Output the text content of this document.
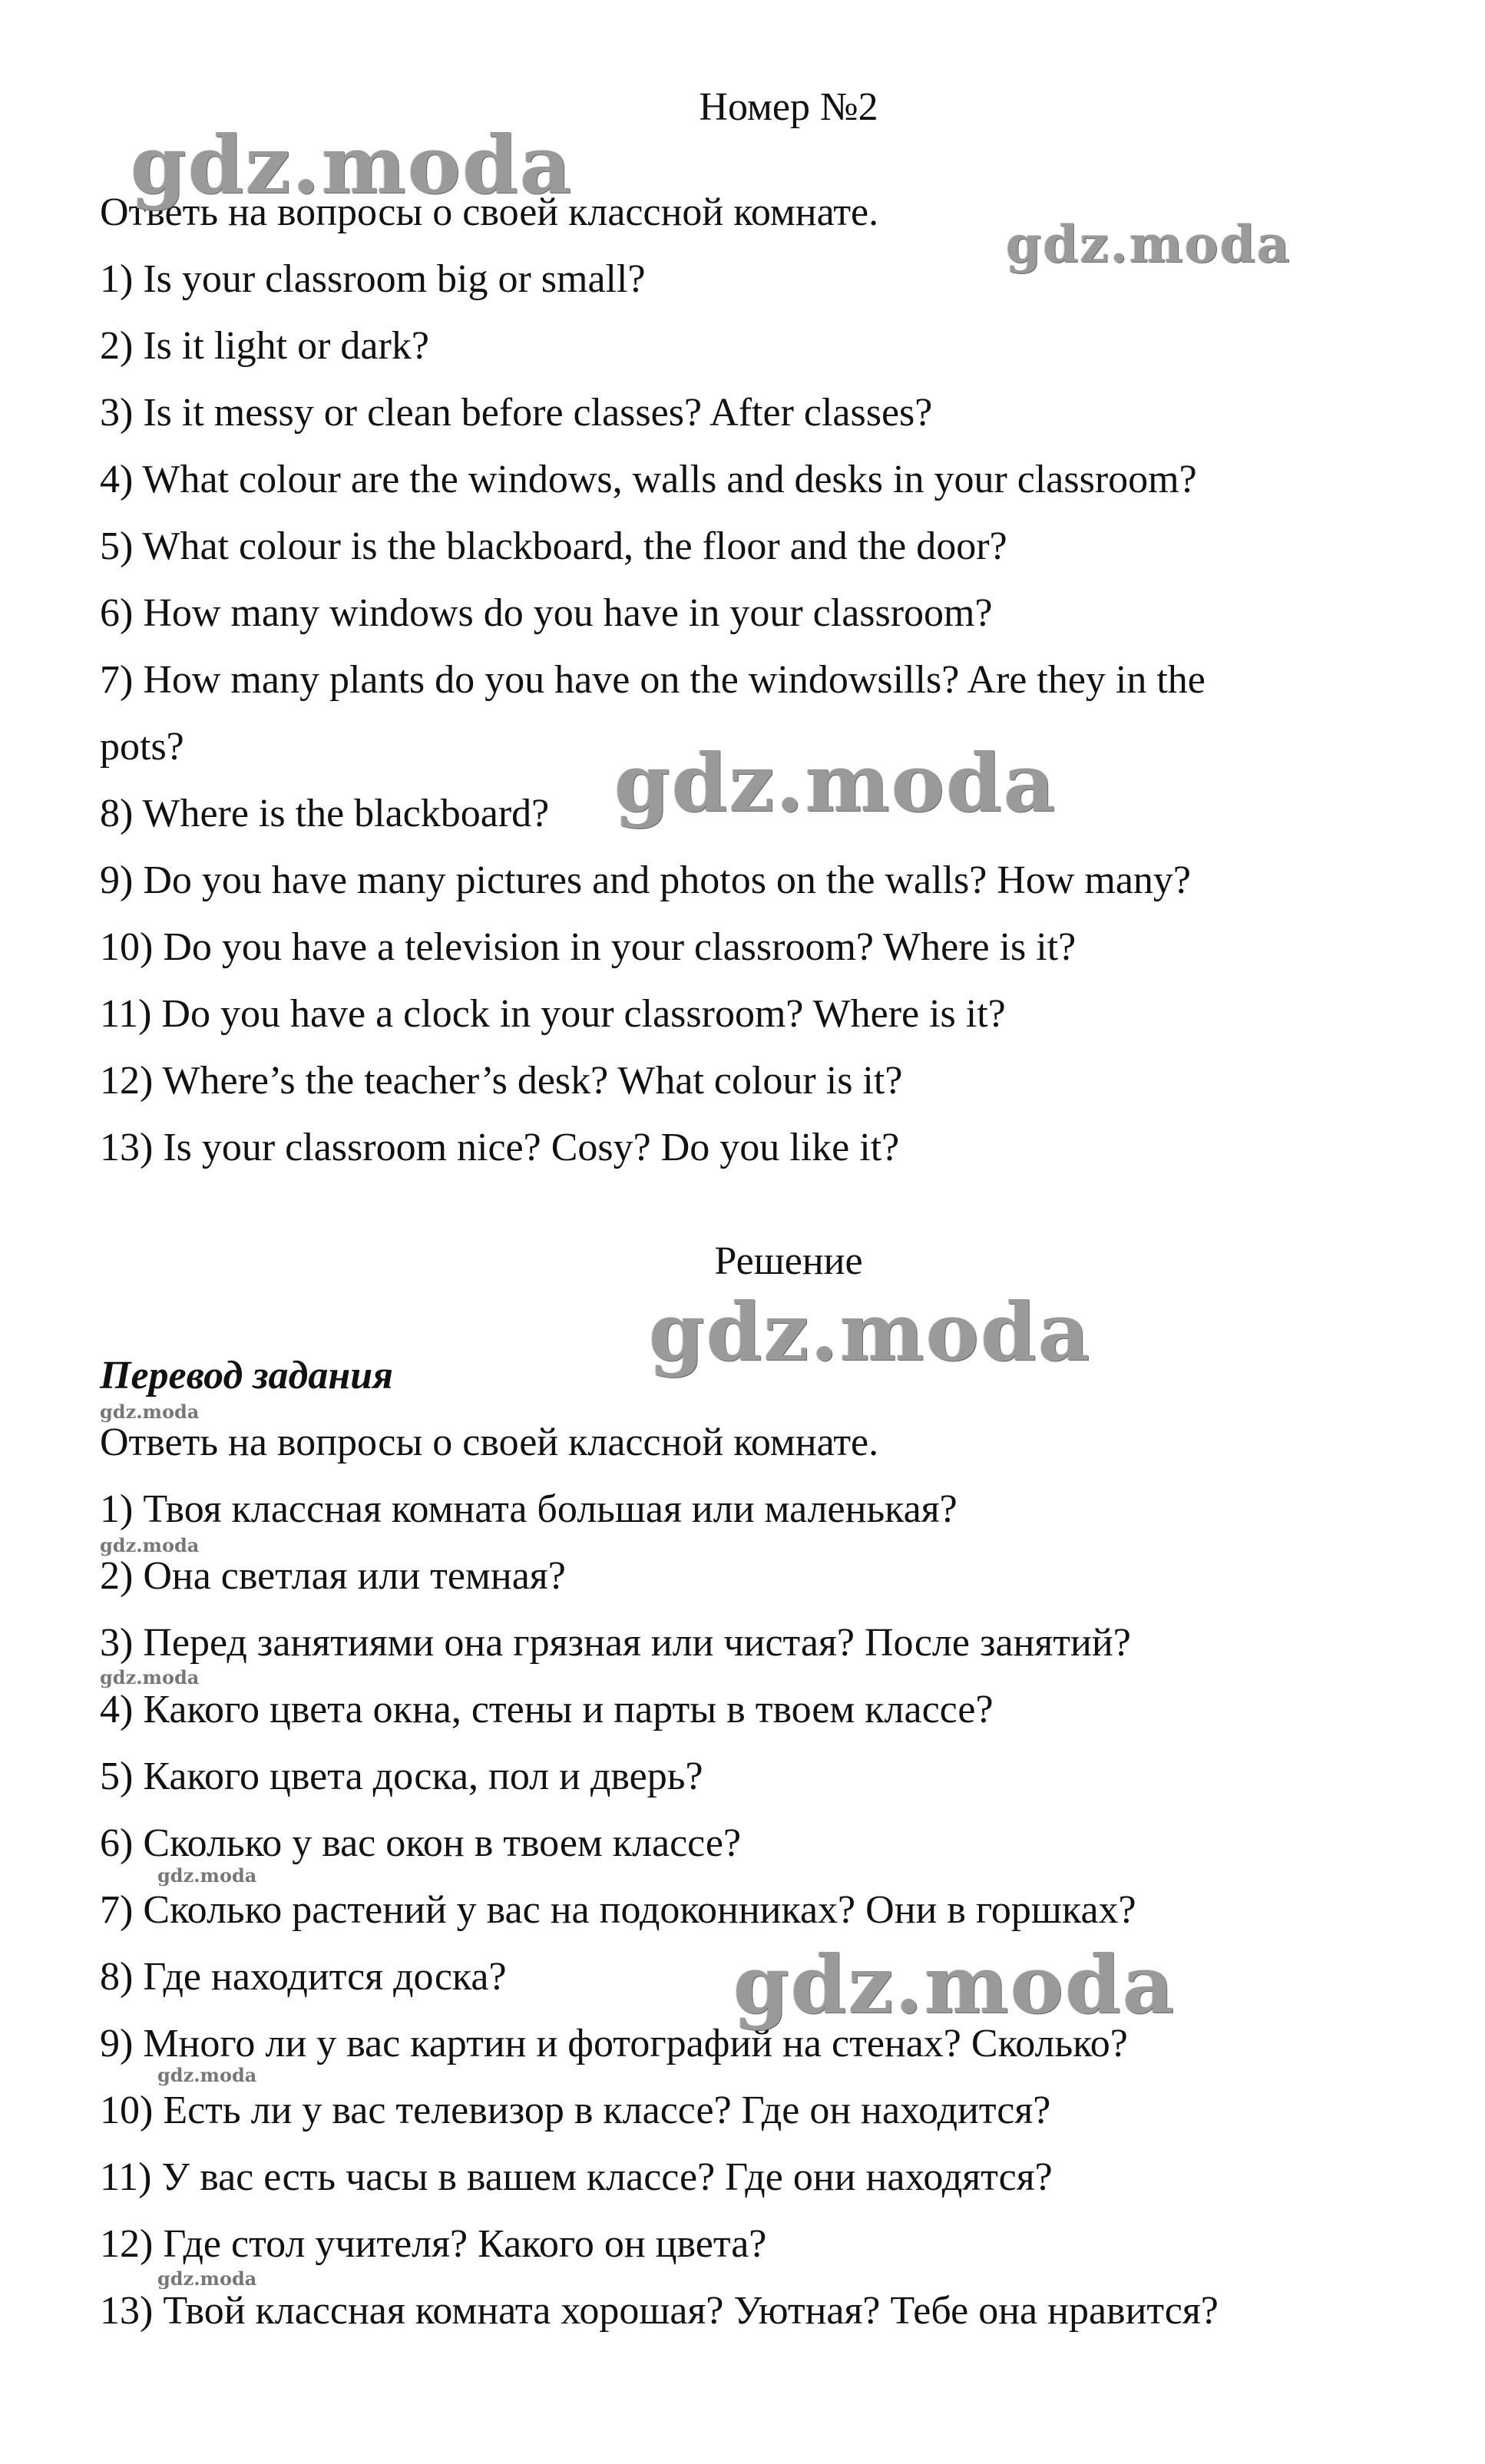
Номер №2
Ответь на вопросы о своей классной комнате.
1) Is your classroom big or small?
2) Is it light or dark?
3) Is it messy or clean before classes? After classes?
4) What colour are the windows, walls and desks in your classroom?
5) What colour is the blackboard, the floor and the door?
6) How many windows do you have in your classroom?
7) How many plants do you have on the windowsills? Are they in the
pots?
8) Where is the blackboard?
9) Do you have many pictures and photos on the walls? How many?
10) Do you have a television in your classroom? Where is it?
11) Do you have a clock in your classroom? Where is it?
12) Where’s the teacher’s desk? What colour is it?
13) Is your classroom nice? Cosy? Do you like it?
Решение
Перевод задания
Ответь на вопросы о своей классной комнате.
1) Твоя классная комната большая или маленькая?
2) Она светлая или темная?
3) Перед занятиями она грязная или чистая? После занятий?
4) Какого цвета окна, стены и парты в твоем классе?
5) Какого цвета доска, пол и дверь?
6) Сколько у вас окон в твоем классе?
7) Сколько растений у вас на подоконниках? Они в горшках?
8) Где находится доска?
9) Много ли у вас картин и фотографий на стенах? Сколько?
10) Есть ли у вас телевизор в классе? Где он находится?
11) У вас есть часы в вашем классе? Где они находятся?
12) Где стол учителя? Какого он цвета?
13) Твой классная комната хорошая? Уютная? Тебе она нравится?
gdz.moda
gdz.moda
gdz.moda
gdz.moda
gdz.moda
gdz.moda
gdz.moda
gdz.moda
gdz.moda
gdz.moda
gdz.moda
